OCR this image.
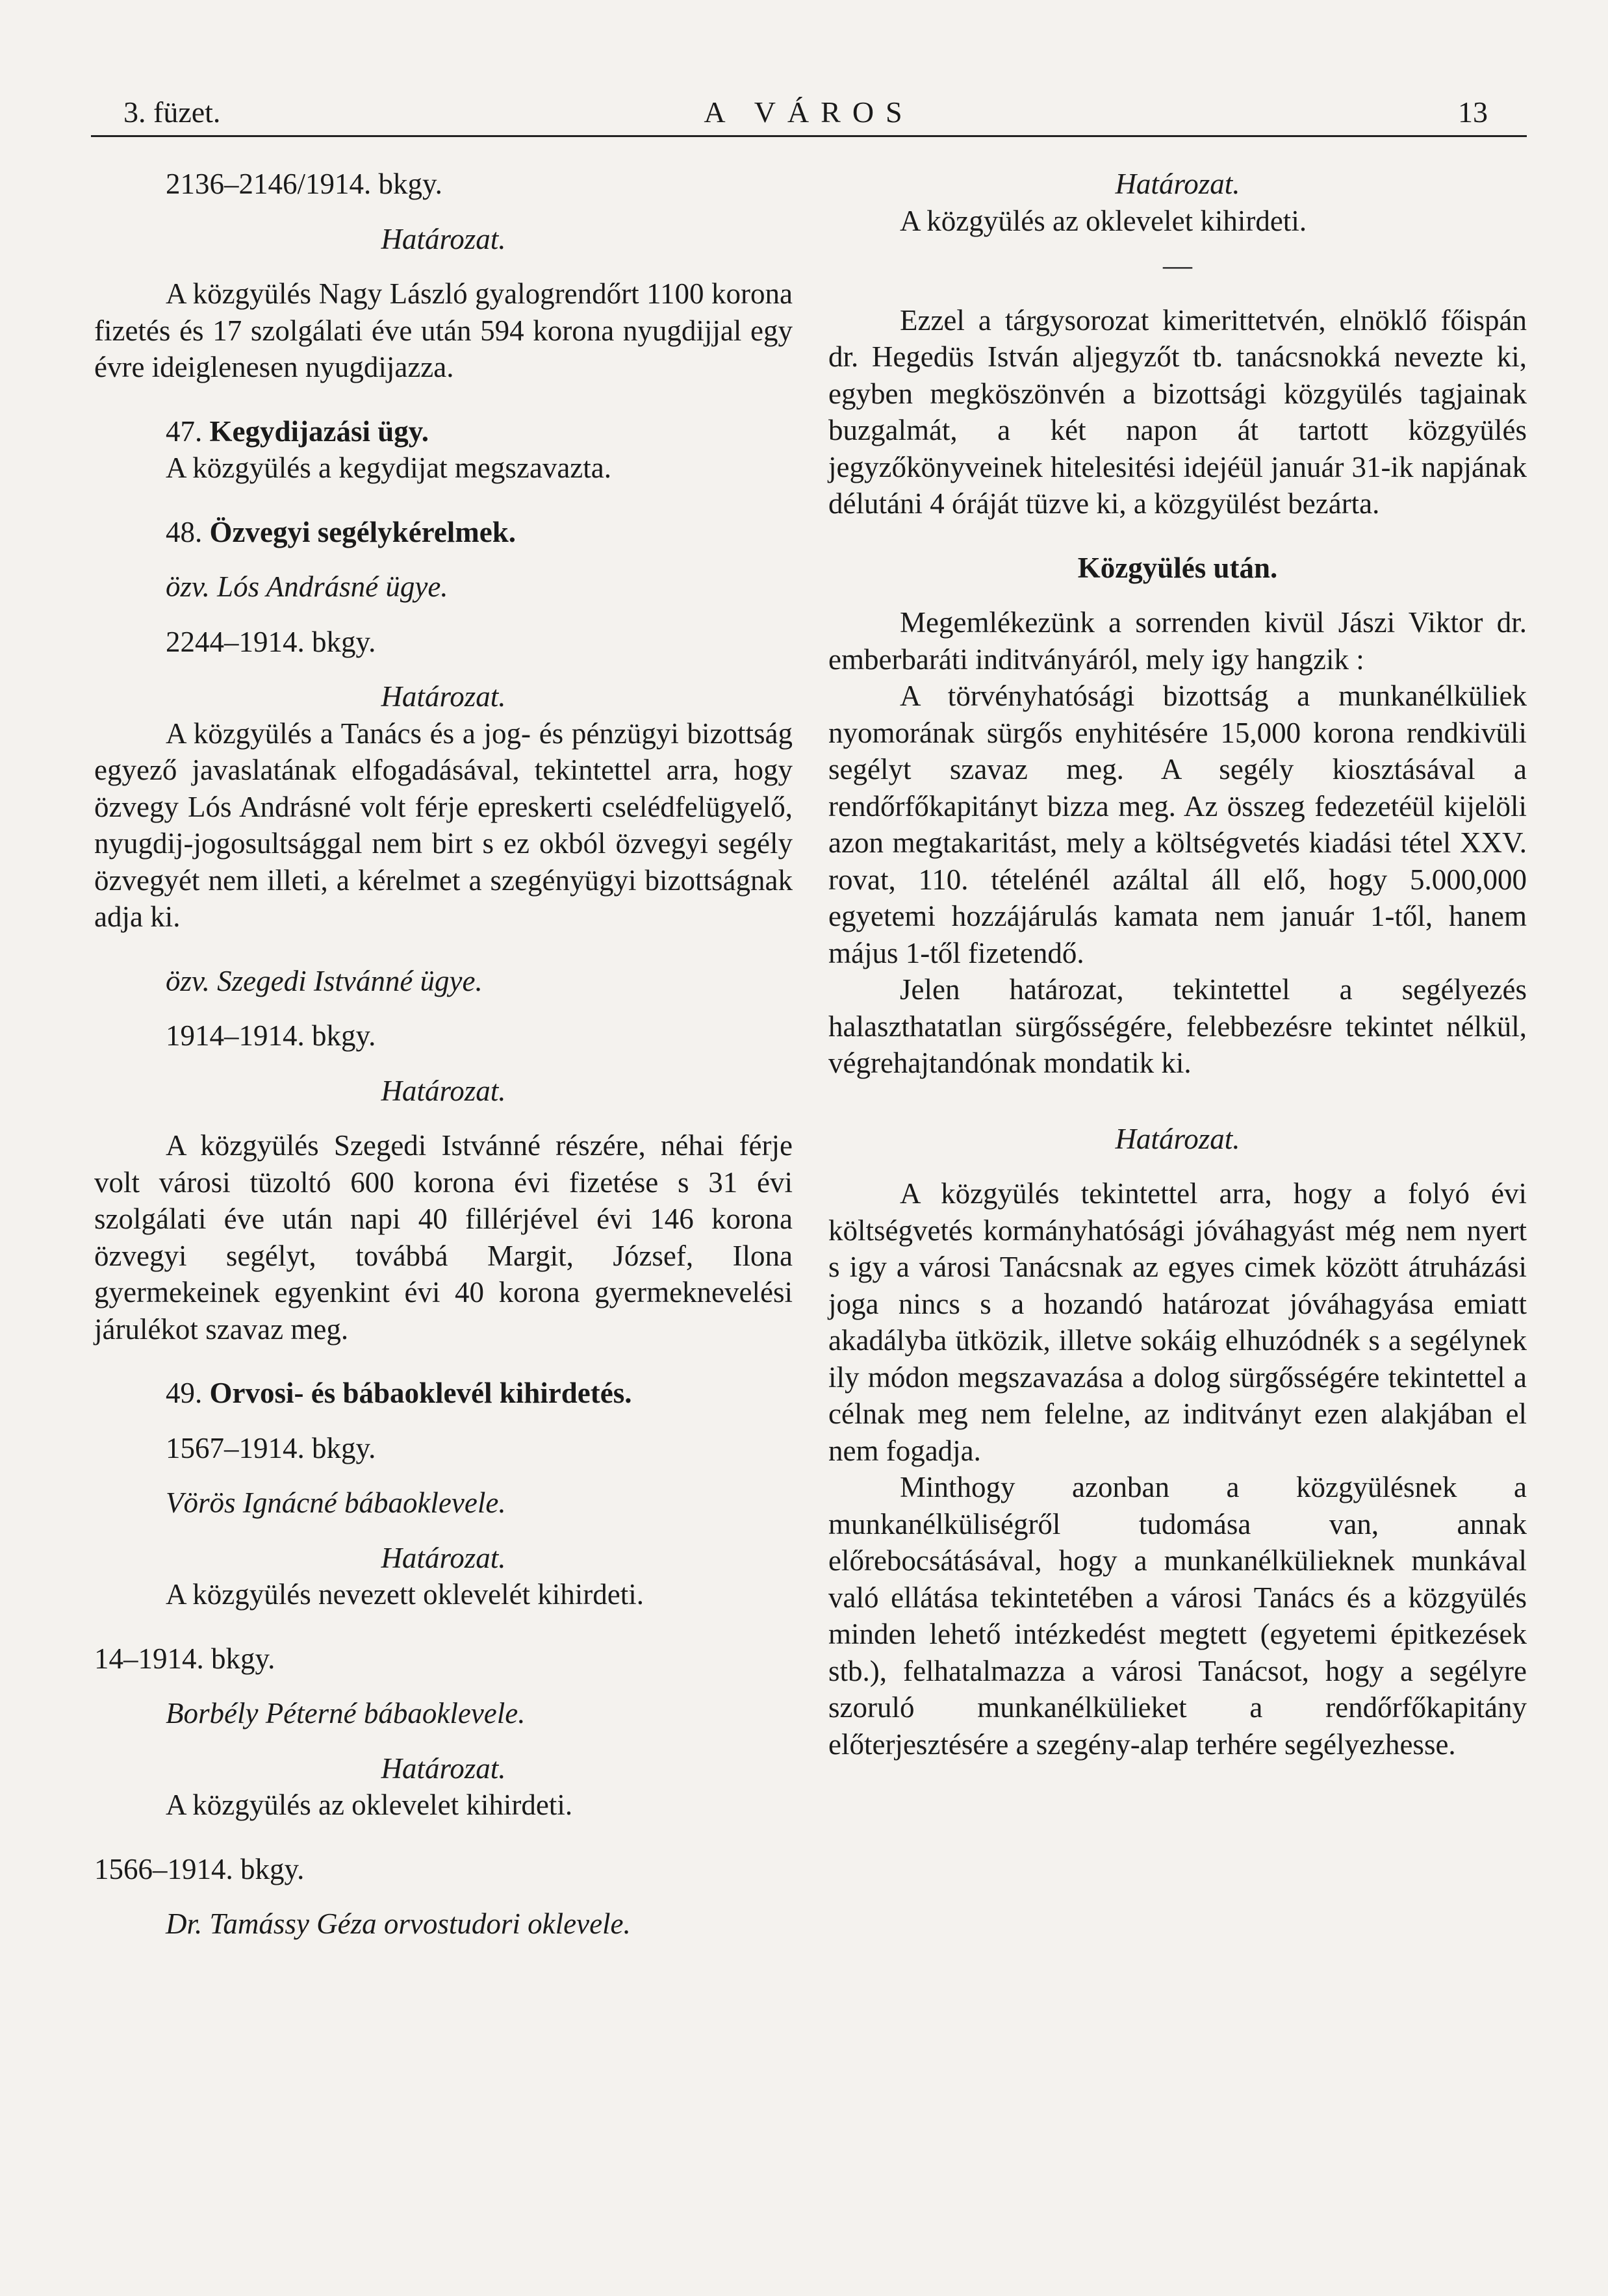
3. füzet.	A VÁROS	13

2136–2146/1914. bkgy.

Határozat.

A közgyülés Nagy László gyalogrendőrt 1100 korona fizetés és 17 szolgálati éve után 594 korona nyugdijjal egy évre ideiglenesen nyugdijazza.

47. Kegydijazási ügy.

A közgyülés a kegydijat megszavazta.

48. Özvegyi segélykérelmek.

özv. Lós Andrásné ügye.

2244–1914. bkgy.

Határozat.

A közgyülés a Tanács és a jog- és pénzügyi bizottság egyező javaslatának elfogadásával, tekintettel arra, hogy özvegy Lós Andrásné volt férje epreskerti cselédfelügyelő, nyugdij-jogosultsággal nem birt s ez okból özvegyi segély özvegyét nem illeti, a kérelmet a szegényügyi bizottságnak adja ki.

özv. Szegedi Istvánné ügye.

1914–1914. bkgy.

Határozat.

A közgyülés Szegedi Istvánné részére, néhai férje volt városi tüzoltó 600 korona évi fizetése s 31 évi szolgálati éve után napi 40 fillérjével évi 146 korona özvegyi segélyt, továbbá Margit, József, Ilona gyermekeinek egyenkint évi 40 korona gyermeknevelési járulékot szavaz meg.

49. Orvosi- és bábaoklevél kihirdetés.

1567–1914. bkgy.

Vörös Ignácné bábaoklevele.

Határozat.

A közgyülés nevezett oklevelét kihirdeti.

14–1914. bkgy.

Borbély Péterné bábaoklevele.

Határozat.

A közgyülés az oklevelet kihirdeti.

1566–1914. bkgy.

Dr. Tamássy Géza orvostudori oklevele.

Határozat.

A közgyülés az oklevelet kihirdeti.

—

Ezzel a tárgysorozat kimerittetvén, elnöklő főispán dr. Hegedüs István aljegyzőt tb. tanácsnokká nevezte ki, egyben megköszönvén a bizottsági közgyülés tagjainak buzgalmát, a két napon át tartott közgyülés jegyzőkönyveinek hitelesitési idejéül január 31-ik napjának délutáni 4 óráját tüzve ki, a közgyülést bezárta.

Közgyülés után.

Megemlékezünk a sorrenden kivül Jászi Viktor dr. emberbaráti inditványáról, mely igy hangzik :

A törvényhatósági bizottság a munkanélküliek nyomorának sürgős enyhitésére 15,000 korona rendkivüli segélyt szavaz meg. A segély kiosztásával a rendőrfőkapitányt bizza meg. Az összeg fedezetéül kijelöli azon megtakaritást, mely a költségvetés kiadási tétel XXV. rovat, 110. tételénél azáltal áll elő, hogy 5.000,000 egyetemi hozzájárulás kamata nem január 1-től, hanem május 1-től fizetendő.

Jelen határozat, tekintettel a segélyezés halaszthatatlan sürgősségére, felebbezésre tekintet nélkül, végrehajtandónak mondatik ki.

Határozat.

A közgyülés tekintettel arra, hogy a folyó évi költségvetés kormányhatósági jóváhagyást még nem nyert s igy a városi Tanácsnak az egyes cimek között átruházási joga nincs s a hozandó határozat jóváhagyása emiatt akadályba ütközik, illetve sokáig elhuzódnék s a segélynek ily módon megszavazása a dolog sürgősségére tekintettel a célnak meg nem felelne, az inditványt ezen alakjában el nem fogadja.

Minthogy azonban a közgyülésnek a munkanélküliségről tudomása van, annak előrebocsátásával, hogy a munkanélkülieknek munkával való ellátása tekintetében a városi Tanács és a közgyülés minden lehető intézkedést megtett (egyetemi épitkezések stb.), felhatalmazza a városi Tanácsot, hogy a segélyre szoruló munkanélkülieket a rendőrfőkapitány előterjesztésére a szegény-alap terhére segélyezhesse.
